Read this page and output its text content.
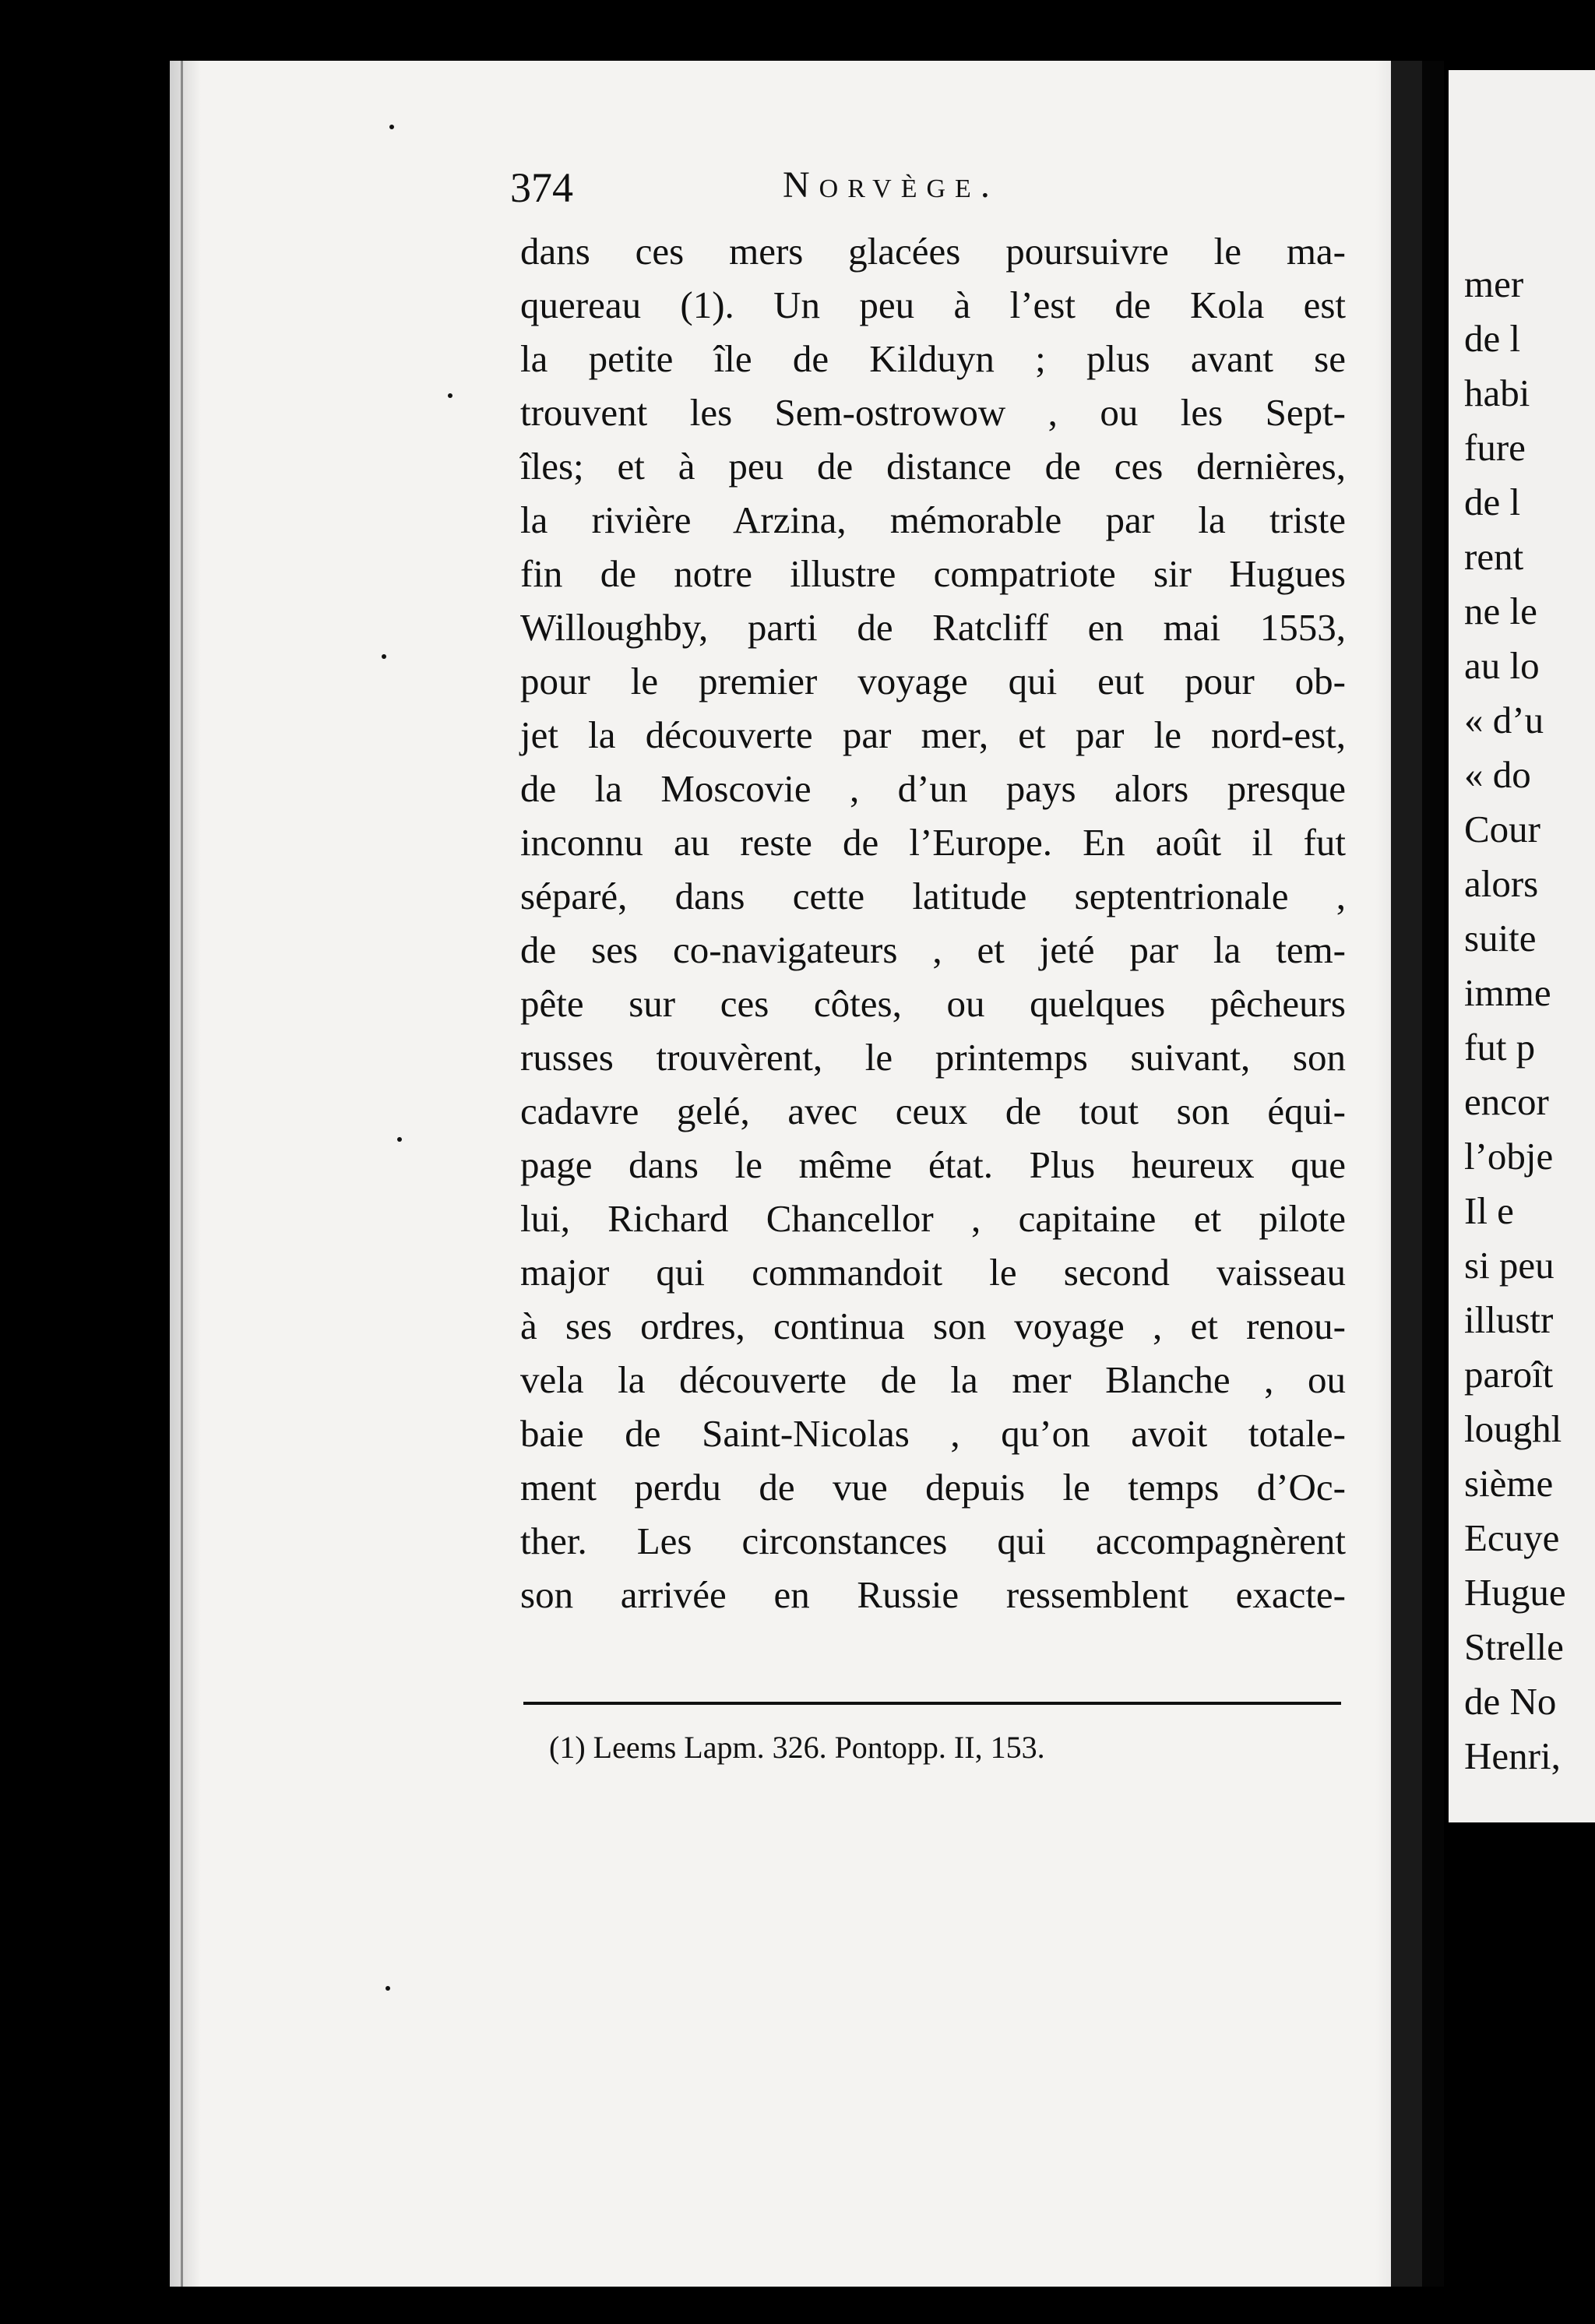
mer
de l
habi
fure
de l
rent
ne le
au lo
« d’u
« do
Cour
alors
suite
imme
fut p
encor
l’obje
Il e
si peu
illustr
paroît
loughl
sième
Ecuye
Hugue
Strelle
de No
Henri,
374	Norvège.
dans ces mers glacées poursuivre le ma-
quereau (1). Un peu à l’est de Kola est
la petite île de Kilduyn ; plus avant se
trouvent les Sem-ostrowow , ou les Sept-
îles; et à peu de distance de ces dernières,
la rivière Arzina, mémorable par la triste
fin de notre illustre compatriote sir Hugues
Willoughby, parti de Ratcliff en mai 1553,
pour le premier voyage qui eut pour ob-
jet la découverte par mer, et par le nord-est,
de la Moscovie , d’un pays alors presque
inconnu au reste de l’Europe. En août il fut
séparé, dans cette latitude septentrionale ,
de ses co-navigateurs , et jeté par la tem-
pête sur ces côtes, ou quelques pêcheurs
russes trouvèrent, le printemps suivant, son
cadavre gelé, avec ceux de tout son équi-
page dans le même état. Plus heureux que
lui, Richard Chancellor , capitaine et pilote
major qui commandoit le second vaisseau
à ses ordres, continua son voyage , et renou-
vela la découverte de la mer Blanche , ou
baie de Saint-Nicolas , qu’on avoit totale-
ment perdu de vue depuis le temps d’Oc-
ther. Les circonstances qui accompagnèrent
son arrivée en Russie ressemblent exacte-
(1) Leems Lapm. 326. Pontopp. II, 153.
